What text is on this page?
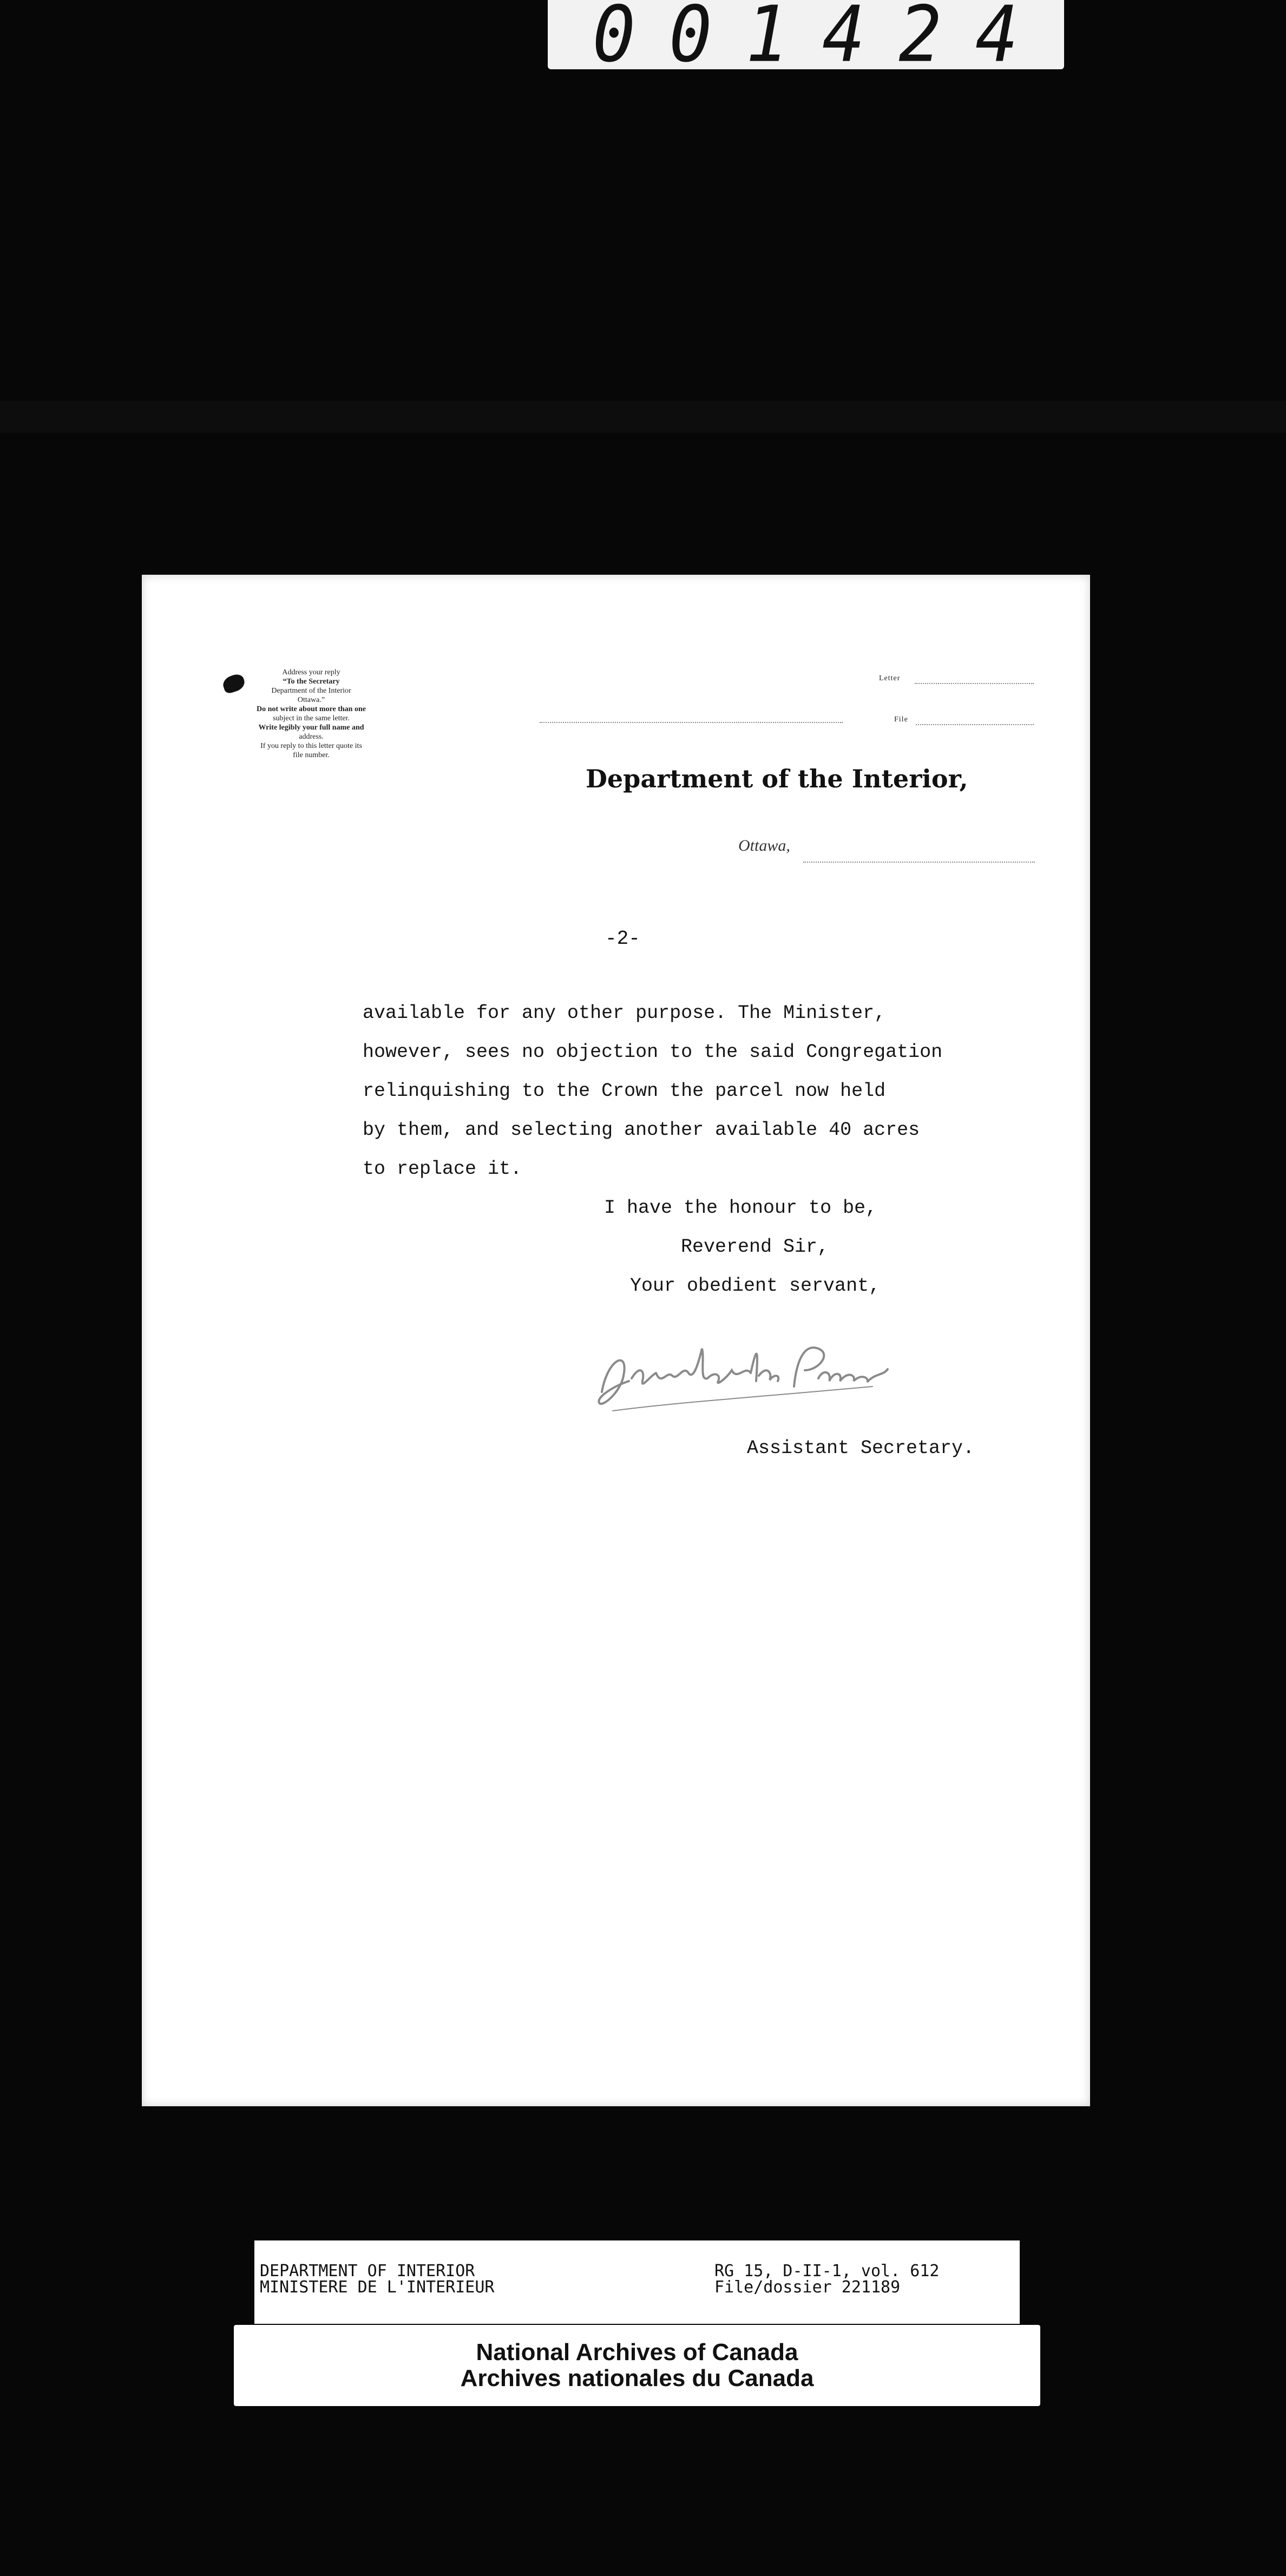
001424
Address your reply
“To the Secretary
Department of the Interior
Ottawa.”
Do not write about more than one
subject in the same letter.
Write legibly your full name and
address.
If you reply to this letter quote its
file number.
Letter
File
Department of the Interior,
Ottawa,
-2-
available for any other purpose. The Minister,
however, sees no objection to the said Congregation
relinquishing to the Crown the parcel now held
by them, and selecting another available 40 acres
to replace it.
I have the honour to be,
Reverend Sir,
Your obedient servant,
Assistant Secretary.
DEPARTMENT OF INTERIOR
MINISTERE DE L'INTERIEUR
RG 15, D-II-1, vol. 612
File/dossier 221189
National Archives of Canada
Archives nationales du Canada
